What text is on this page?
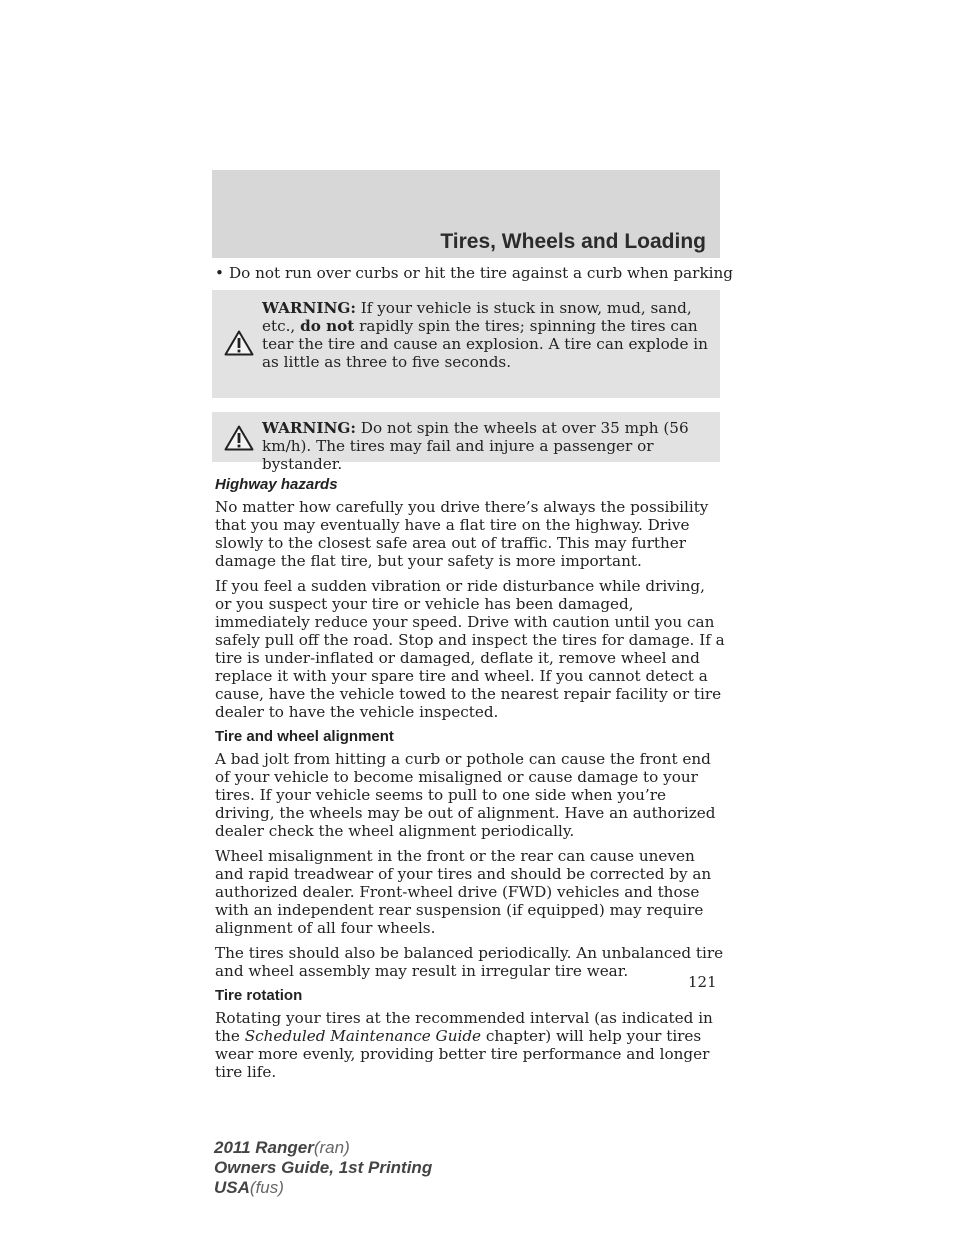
Tires, Wheels and Loading
• Do not run over curbs or hit the tire against a curb when parking
WARNING: If your vehicle is stuck in snow, mud, sand, etc., do not rapidly spin the tires; spinning the tires can tear the tire and cause an explosion. A tire can explode in as little as three to five seconds.
WARNING: Do not spin the wheels at over 35 mph (56 km/h). The tires may fail and injure a passenger or bystander.
Highway hazards

No matter how carefully you drive there’s always the possibility that you may eventually have a flat tire on the highway. Drive slowly to the closest safe area out of traffic. This may further damage the flat tire, but your safety is more important.

If you feel a sudden vibration or ride disturbance while driving, or you suspect your tire or vehicle has been damaged, immediately reduce your speed. Drive with caution until you can safely pull off the road. Stop and inspect the tires for damage. If a tire is under-inflated or damaged, deflate it, remove wheel and replace it with your spare tire and wheel. If you cannot detect a cause, have the vehicle towed to the nearest repair facility or tire dealer to have the vehicle inspected.

Tire and wheel alignment

A bad jolt from hitting a curb or pothole can cause the front end of your vehicle to become misaligned or cause damage to your tires. If your vehicle seems to pull to one side when you’re driving, the wheels may be out of alignment. Have an authorized dealer check the wheel alignment periodically.

Wheel misalignment in the front or the rear can cause uneven and rapid treadwear of your tires and should be corrected by an authorized dealer. Front-wheel drive (FWD) vehicles and those with an independent rear suspension (if equipped) may require alignment of all four wheels.

The tires should also be balanced periodically. An unbalanced tire and wheel assembly may result in irregular tire wear.

Tire rotation

Rotating your tires at the recommended interval (as indicated in the Scheduled Maintenance Guide chapter) will help your tires wear more evenly, providing better tire performance and longer tire life.

121
2011 Ranger(ran)
Owners Guide, 1st Printing
USA(fus)
